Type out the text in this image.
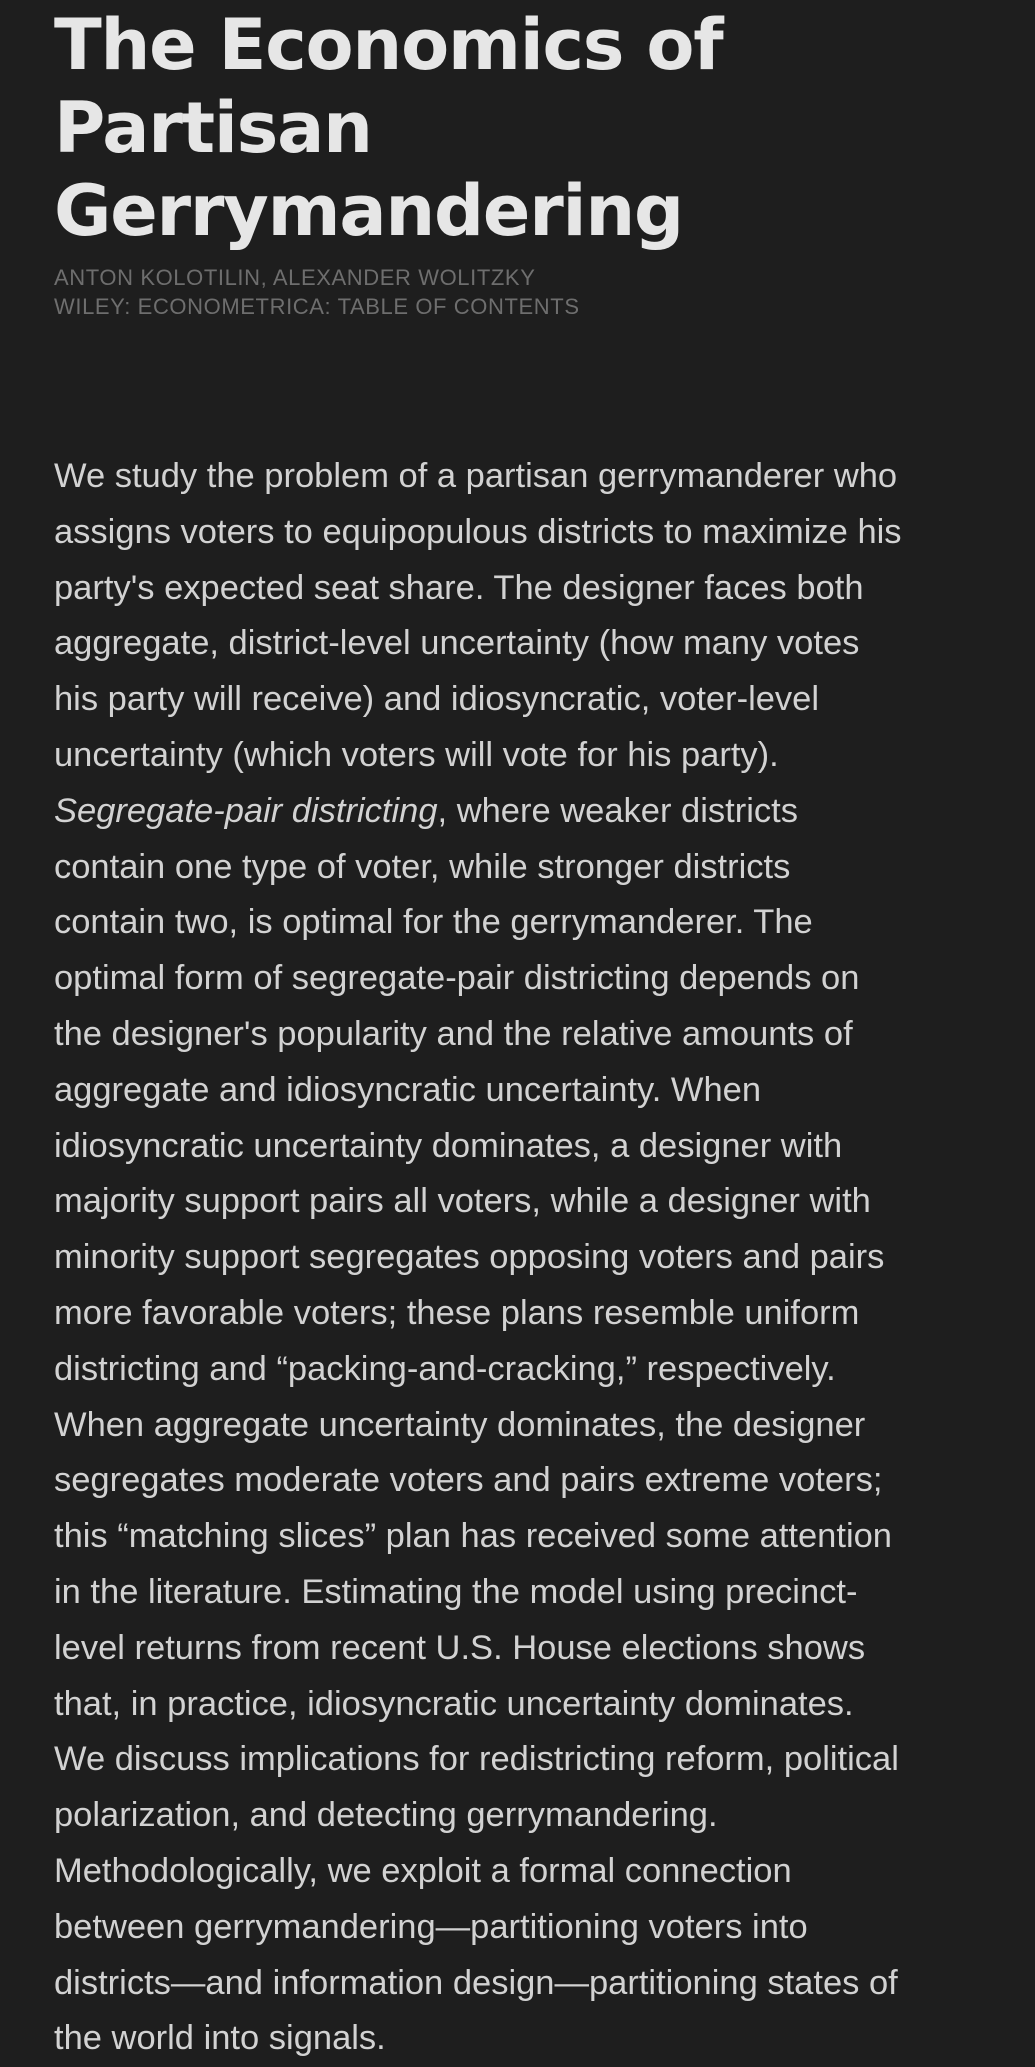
The Economics of Partisan
Gerrymandering
ANTON KOLOTILIN, ALEXANDER WOLITZKY
WILEY: ECONOMETRICA: TABLE OF CONTENTS
We study the problem of a partisan gerrymanderer who
assigns voters to equipopulous districts to maximize his
party's expected seat share. The designer faces both
aggregate, district-level uncertainty (how many votes
his party will receive) and idiosyncratic, voter-level
uncertainty (which voters will vote for his party).
Segregate-pair districting, where weaker districts
contain one type of voter, while stronger districts
contain two, is optimal for the gerrymanderer. The
optimal form of segregate-pair districting depends on
the designer's popularity and the relative amounts of
aggregate and idiosyncratic uncertainty. When
idiosyncratic uncertainty dominates, a designer with
majority support pairs all voters, while a designer with
minority support segregates opposing voters and pairs
more favorable voters; these plans resemble uniform
districting and “packing-and-cracking,” respectively.
When aggregate uncertainty dominates, the designer
segregates moderate voters and pairs extreme voters;
this “matching slices” plan has received some attention
in the literature. Estimating the model using precinct-
level returns from recent U.S. House elections shows
that, in practice, idiosyncratic uncertainty dominates.
We discuss implications for redistricting reform, political
polarization, and detecting gerrymandering.
Methodologically, we exploit a formal connection
between gerrymandering—partitioning voters into
districts—and information design—partitioning states of
the world into signals.
